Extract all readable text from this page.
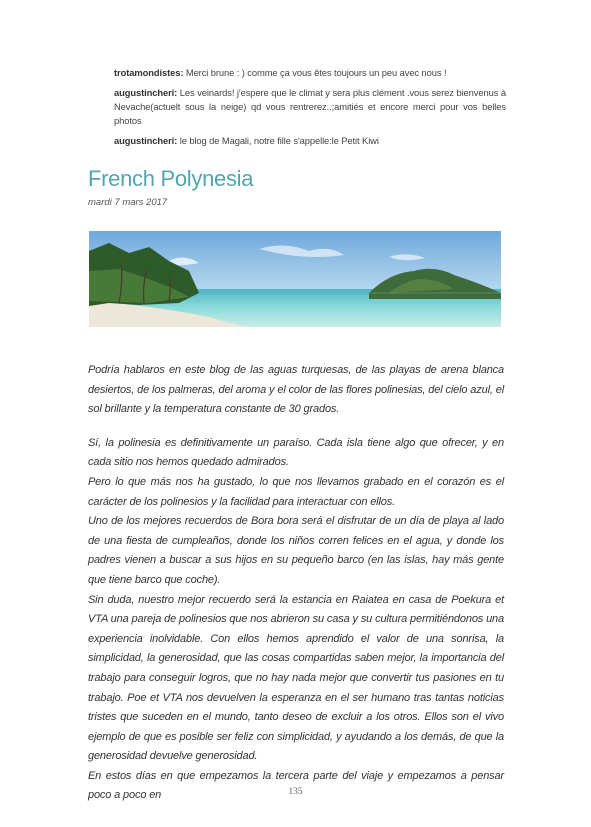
trotamondistes: Merci brune : ) comme ça vous êtes toujours un peu avec nous !

augustincheri: Les veinards! j'espere que le climat y sera plus clément .vous serez bienvenus à Nevache(actuelt sous la neige) qd vous rentrerez..;amitiés et encore merci pour vos belles photos

augustincheri: le blog de Magali, notre fille s'appelle:le Petit Kiwi

French Polynesia
mardi 7 mars 2017

Podría hablaros en este blog de las aguas turquesas, de las playas de arena blanca desiertos, de los palmeras, del aroma y el color de las flores polinesias, del cielo azul, el sol brillante y la temperatura constante de 30 grados.

Sí, la polinesia es definitivamente un paraíso. Cada isla tiene algo que ofrecer, y en cada sitio nos hemos quedado admirados.

Pero lo que más nos ha gustado, lo que nos llevamos grabado en el corazón es el carácter de los polinesios y la facilidad para interactuar con ellos.

Uno de los mejores recuerdos de Bora bora será el disfrutar de un día de playa al lado de una fiesta de cumpleaños, donde los niños corren felices en el agua, y donde los padres vienen a buscar a sus hijos en su pequeño barco (en las islas, hay más gente que tiene barco que coche).

Sin duda, nuestro mejor recuerdo será la estancia en Raiatea en casa de Poekura et VTA una pareja de polinesios que nos abrieron su casa y su cultura permitiéndonos una experiencia inolvidable. Con ellos hemos aprendido el valor de una sonrisa, la simplicidad, la generosidad, que las cosas compartidas saben mejor, la importancia del trabajo para conseguir logros, que no hay nada mejor que convertir tus pasiones en tu trabajo. Poe et VTA nos devuelven la esperanza en el ser humano tras tantas noticias tristes que suceden en el mundo, tanto deseo de excluir a los otros. Ellos son el vivo ejemplo de que es posible ser feliz con simplicidad, y ayudando a los demás, de que la generosidad devuelve generosidad.

En estos días en que empezamos la tercera parte del viaje y empezamos a pensar poco a poco en	135
